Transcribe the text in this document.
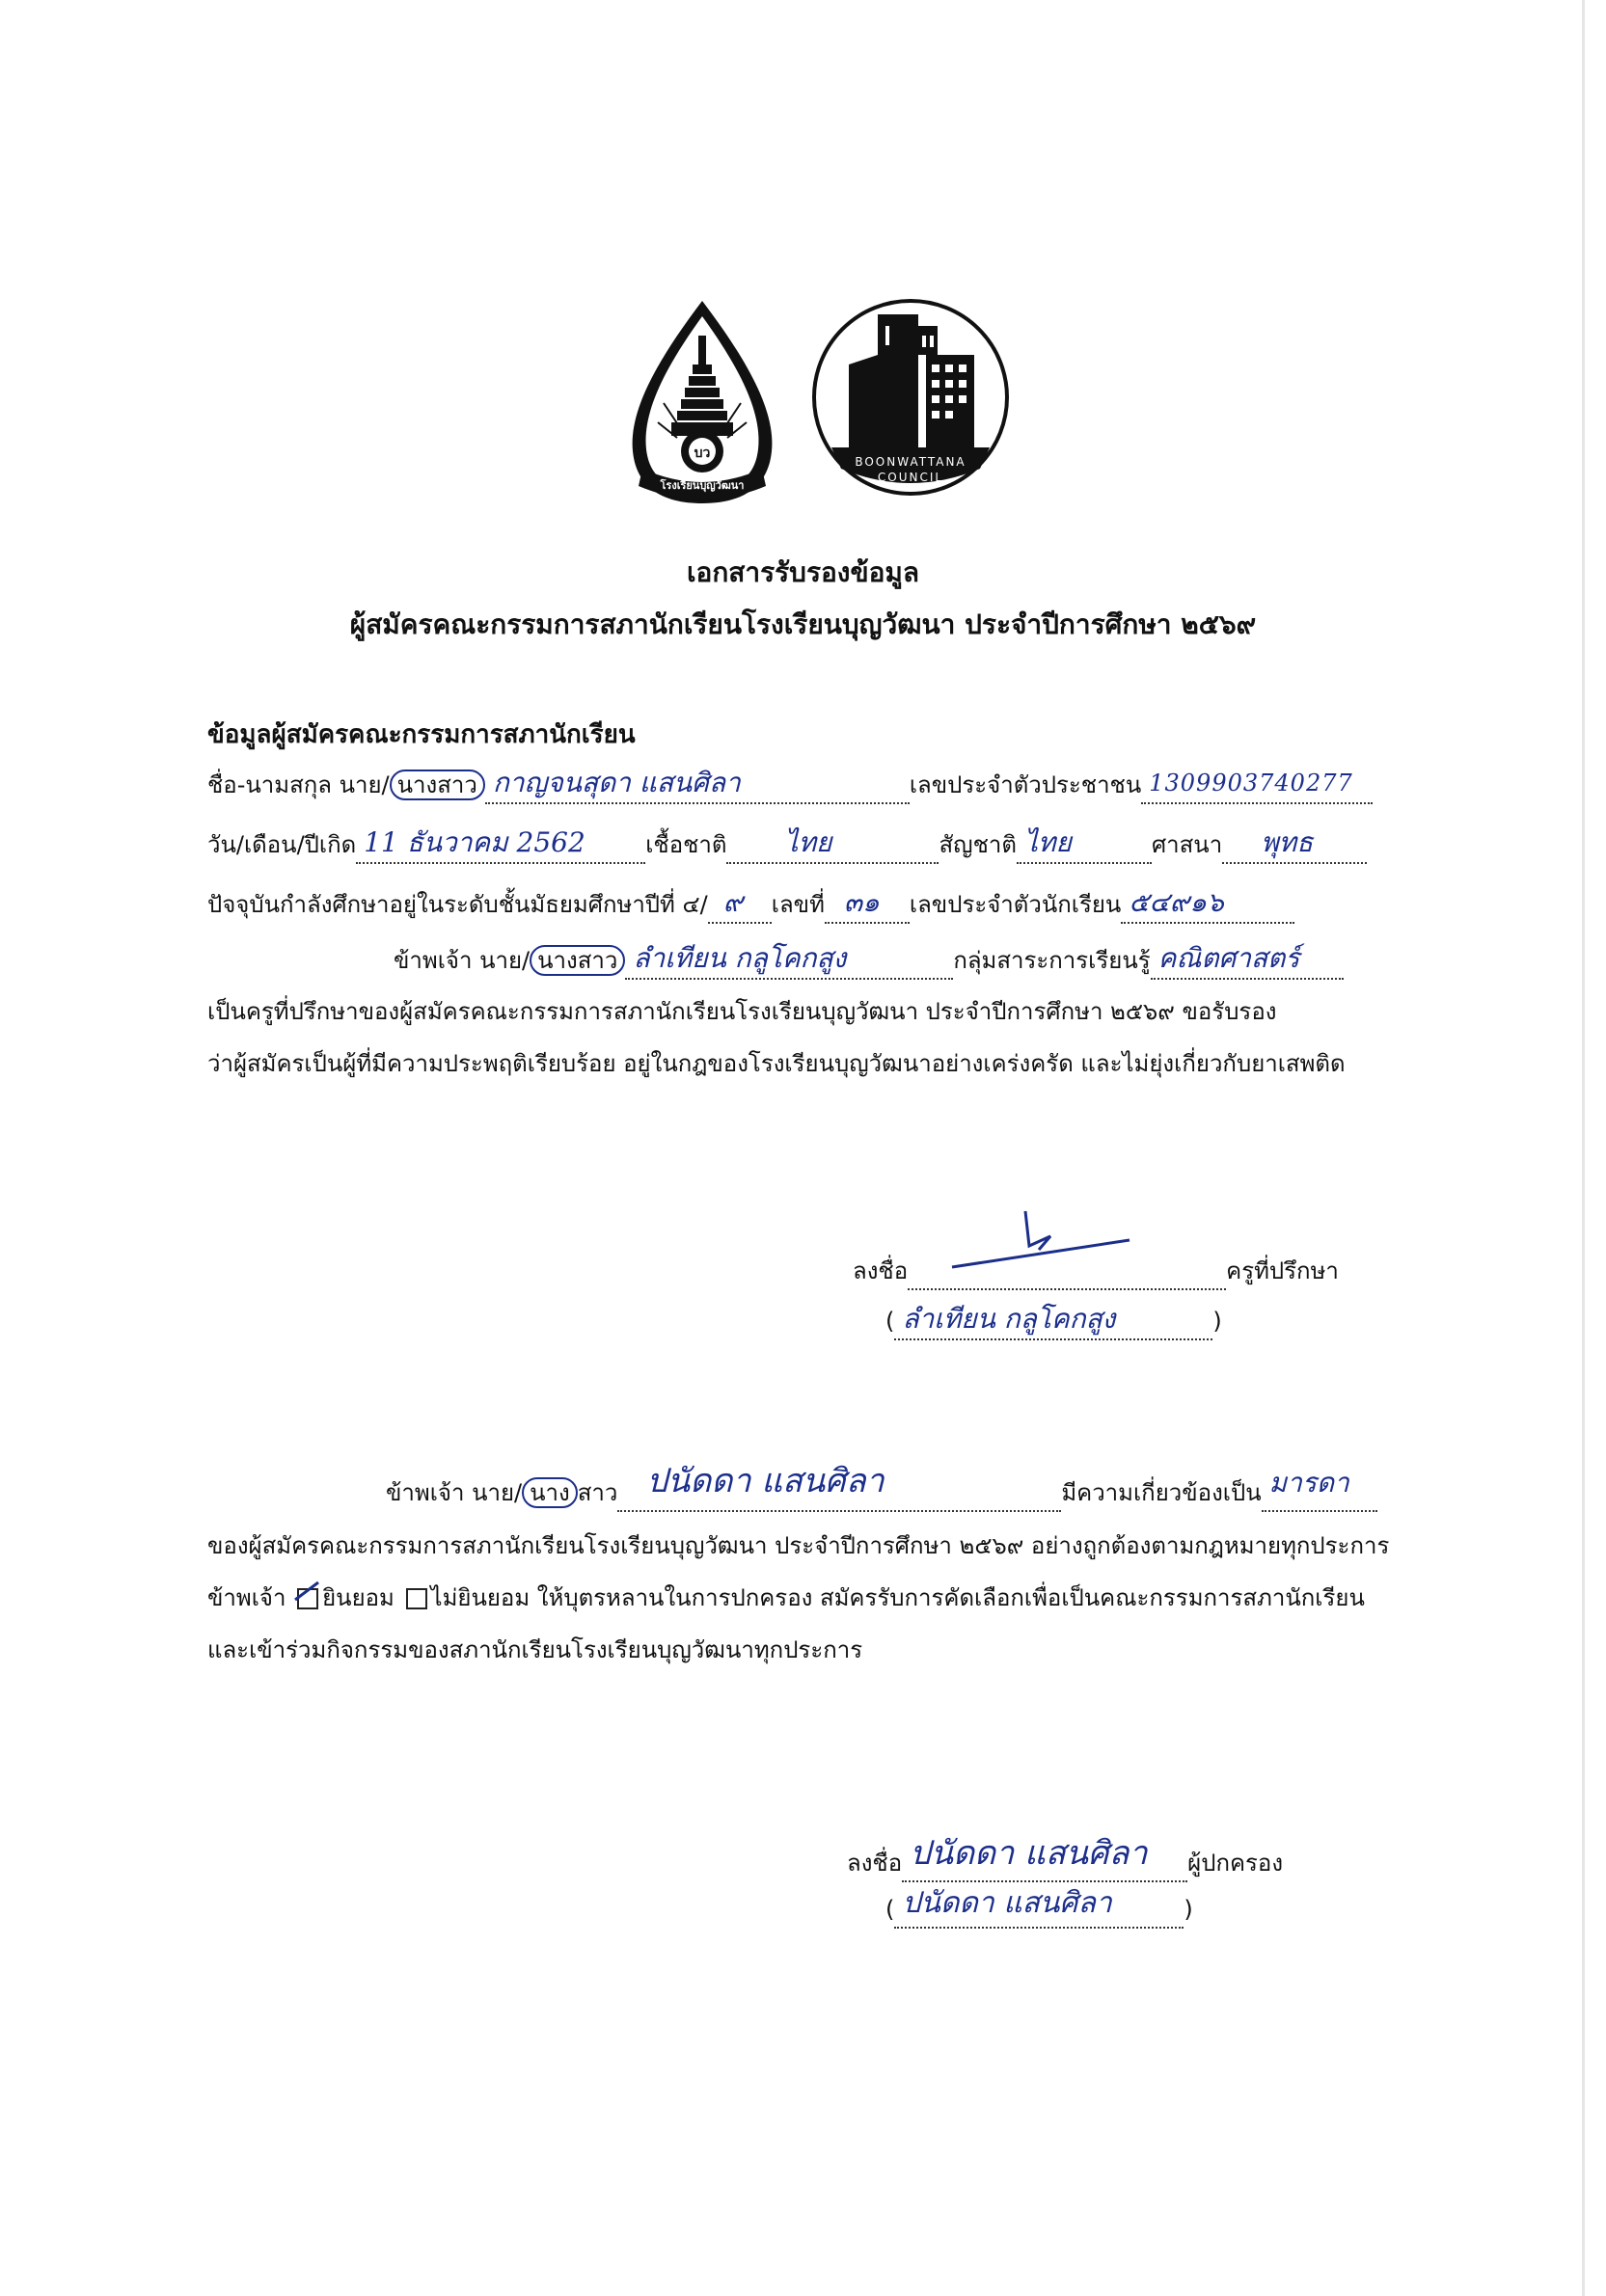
บว
โรงเรียนบุญวัฒนา
BOONWATTANA
COUNCIL
เอกสารรับรองข้อมูล
ผู้สมัครคณะกรรมการสภานักเรียนโรงเรียนบุญวัฒนา ประจำปีการศึกษา ๒๕๖๙
ข้อมูลผู้สมัครคณะกรรมการสภานักเรียน
ชื่อ-นามสกุล นาย/ นางสาว กาญจนสุดา แสนศิลา	เลขประจำตัวประชาชน 1309903740277
วัน/เดือน/ปีเกิด 11 ธันวาคม 2562	เชื้อชาติ ไทย	สัญชาติ ไทย	ศาสนา พุทธ
ปัจจุบันกำลังศึกษาอยู่ในระดับชั้นมัธยมศึกษาปีที่ ๔/ ๙ เลขที่ ๓๑ เลขประจำตัวนักเรียน ๕๔๙๑๖
ข้าพเจ้า นาย/ นางสาว ลำเทียน กลูโคกสูง	กลุ่มสาระการเรียนรู้ คณิตศาสตร์
เป็นครูที่ปรึกษาของผู้สมัครคณะกรรมการสภานักเรียนโรงเรียนบุญวัฒนา ประจำปีการศึกษา ๒๕๖๙ ขอรับรอง
ว่าผู้สมัครเป็นผู้ที่มีความประพฤติเรียบร้อย อยู่ในกฎของโรงเรียนบุญวัฒนาอย่างเคร่งครัด และไม่ยุ่งเกี่ยวกับยาเสพติด
ลงชื่อ	ครูที่ปรึกษา
( ลำเทียน กลูโคกสูง	)
ข้าพเจ้า นาย/ นาง สาว ปนัดดา แสนศิลา	มีความเกี่ยวข้องเป็น มารดา
ของผู้สมัครคณะกรรมการสภานักเรียนโรงเรียนบุญวัฒนา ประจำปีการศึกษา ๒๕๖๙ อย่างถูกต้องตามกฎหมายทุกประการ
ข้าพเจ้า ยินยอม ไม่ยินยอม ให้บุตรหลานในการปกครอง สมัครรับการคัดเลือกเพื่อเป็นคณะกรรมการสภานักเรียน
และเข้าร่วมกิจกรรมของสภานักเรียนโรงเรียนบุญวัฒนาทุกประการ
ลงชื่อ ปนัดดา แสนศิลา ผู้ปกครอง
( ปนัดดา แสนศิลา	)
